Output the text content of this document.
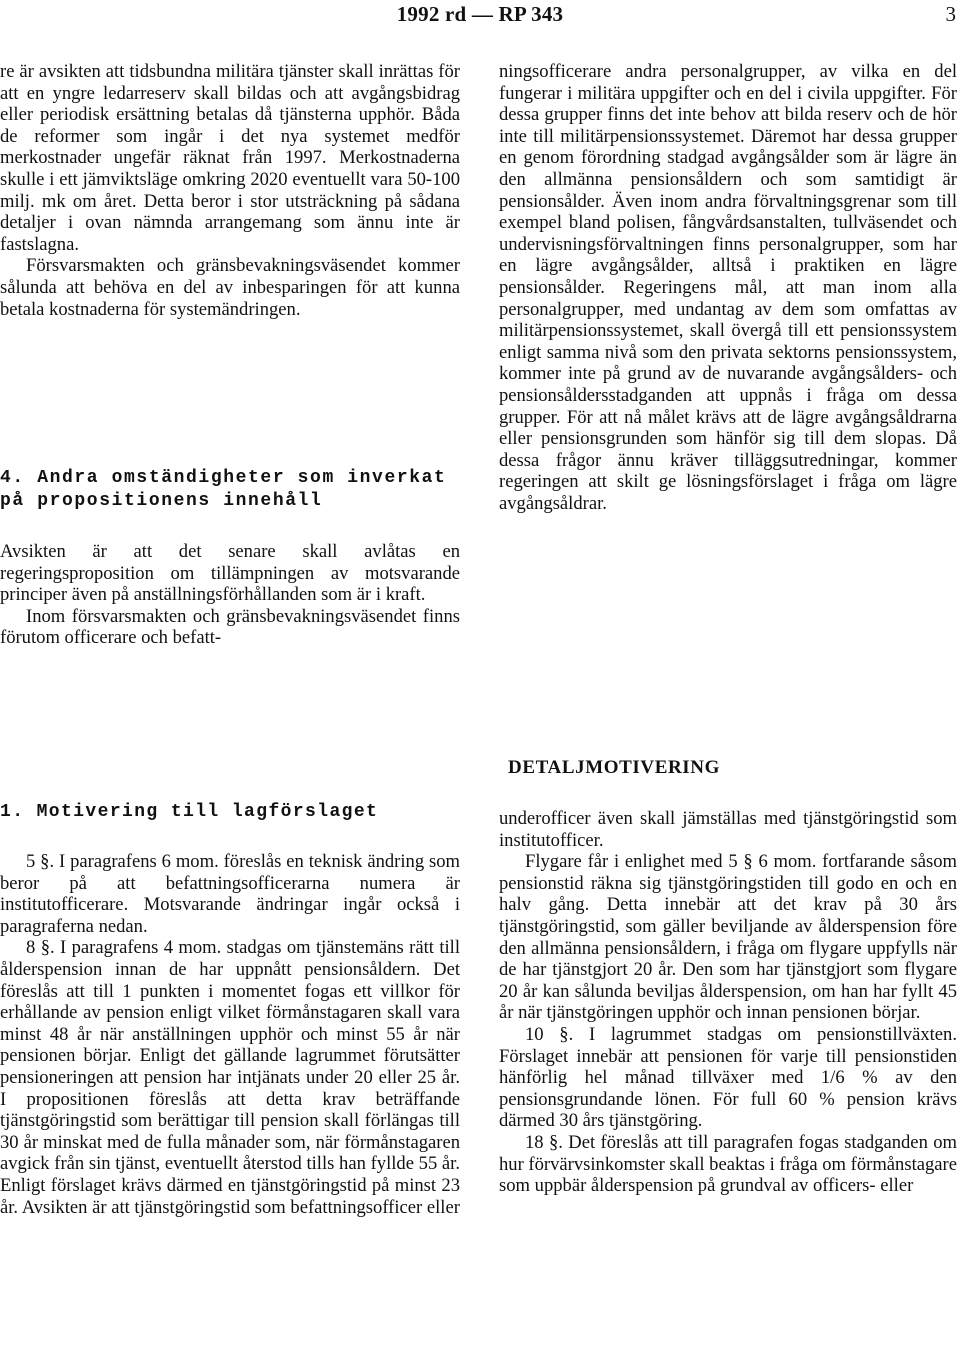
1992 rd — RP 343	3

re är avsikten att tidsbundna militära tjänster skall inrättas för att en yngre ledarreserv skall bildas och att avgångsbidrag eller periodisk ersättning betalas då tjänsterna upphör. Båda de reformer som ingår i det nya systemet medför merkostnader ungefär räknat från 1997. Merkostnaderna skulle i ett jämviktsläge omkring 2020 eventuellt vara 50-100 milj. mk om året. Detta beror i stor utsträckning på sådana detaljer i ovan nämnda arrangemang som ännu inte är fastslagna.

Försvarsmakten och gränsbevakningsväsendet kommer sålunda att behöva en del av inbesparingen för att kunna betala kostnaderna för systemändringen.

4. Andra omständigheter som inverkat på propositionens innehåll

Avsikten är att det senare skall avlåtas en regeringsproposition om tillämpningen av motsvarande principer även på anställningsförhållanden som är i kraft.

Inom försvarsmakten och gränsbevakningsväsendet finns förutom officerare och befatt-

ningsofficerare andra personalgrupper, av vilka en del fungerar i militära uppgifter och en del i civila uppgifter. För dessa grupper finns det inte behov att bilda reserv och de hör inte till militärpensionssystemet. Däremot har dessa grupper en genom förordning stadgad avgångsålder som är lägre än den allmänna pensionsåldern och som samtidigt är pensionsålder. Även inom andra förvaltningsgrenar som till exempel bland polisen, fångvårdsanstalten, tullväsendet och undervisningsförvaltningen finns personalgrupper, som har en lägre avgångsålder, alltså i praktiken en lägre pensionsålder. Regeringens mål, att man inom alla personalgrupper, med undantag av dem som omfattas av militärpensionssystemet, skall övergå till ett pensionssystem enligt samma nivå som den privata sektorns pensionssystem, kommer inte på grund av de nuvarande avgångsålders- och pensionsåldersstadganden att uppnås i fråga om dessa grupper. För att nå målet krävs att de lägre avgångsåldrarna eller pensionsgrunden som hänför sig till dem slopas. Då dessa frågor ännu kräver tilläggsutredningar, kommer regeringen att skilt ge lösningsförslaget i fråga om lägre avgångsåldrar.

DETALJMOTIVERING
1. Motivering till lagförslaget

5 §. I paragrafens 6 mom. föreslås en teknisk ändring som beror på att befattningsofficerarna numera är institutofficerare. Motsvarande ändringar ingår också i paragraferna nedan.

8 §. I paragrafens 4 mom. stadgas om tjänstemäns rätt till ålderspension innan de har uppnått pensionsåldern. Det föreslås att till 1 punkten i momentet fogas ett villkor för erhållande av pension enligt vilket förmånstagaren skall vara minst 48 år när anställningen upphör och minst 55 år när pensionen börjar. Enligt det gällande lagrummet förutsätter pensioneringen att pension har intjänats under 20 eller 25 år. I propositionen föreslås att detta krav beträffande tjänstgöringstid som berättigar till pension skall förlängas till 30 år minskat med de fulla månader som, när förmånstagaren avgick från sin tjänst, eventuellt återstod tills han fyllde 55 år. Enligt förslaget krävs därmed en tjänstgöringstid på minst 23 år. Avsikten är att tjänstgöringstid som befattningsofficer eller

underofficer även skall jämställas med tjänstgöringstid som institutofficer.

Flygare får i enlighet med 5 § 6 mom. fortfarande såsom pensionstid räkna sig tjänstgöringstiden till godo en och en halv gång. Detta innebär att det krav på 30 års tjänstgöringstid, som gäller beviljande av ålderspension före den allmänna pensionsåldern, i fråga om flygare uppfylls när de har tjänstgjort 20 år. Den som har tjänstgjort som flygare 20 år kan sålunda beviljas ålderspension, om han har fyllt 45 år när tjänstgöringen upphör och innan pensionen börjar.

10 §. I lagrummet stadgas om pensionstillväxten. Förslaget innebär att pensionen för varje till pensionstiden hänförlig hel månad tillväxer med 1/6 % av den pensionsgrundande lönen. För full 60 % pension krävs därmed 30 års tjänstgöring.

18 §. Det föreslås att till paragrafen fogas stadganden om hur förvärvsinkomster skall beaktas i fråga om förmånstagare som uppbär ålderspension på grundval av officers- eller
